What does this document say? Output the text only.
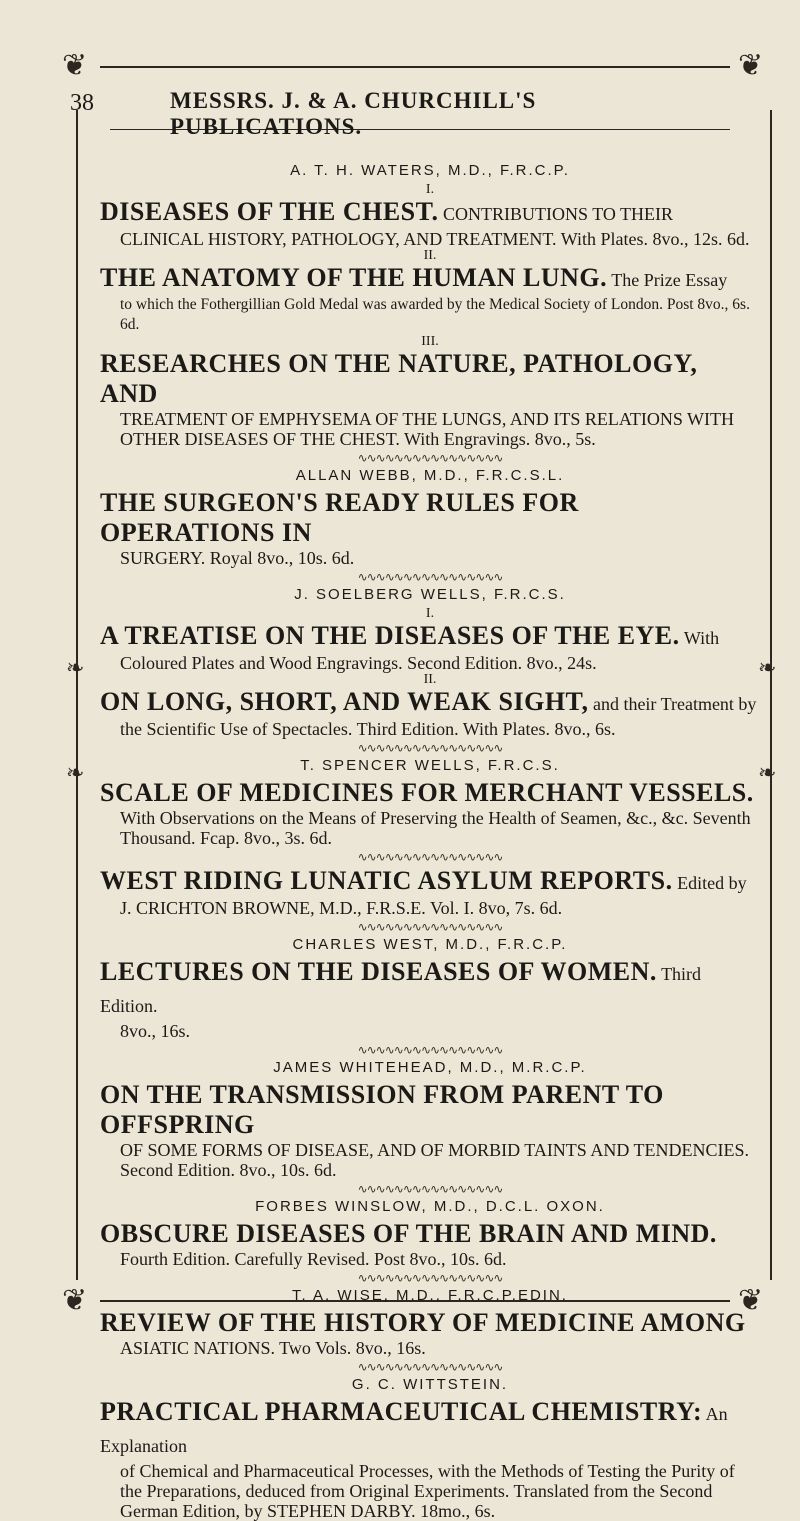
❦	❦
❦	❦
❧
❧
❧
❧
38	MESSRS. J. & A. CHURCHILL'S PUBLICATIONS.

A. T. H. WATERS, M.D., F.R.C.P.

I.

DISEASES OF THE CHEST. CONTRIBUTIONS TO THEIR

CLINICAL HISTORY, PATHOLOGY, AND TREATMENT. With Plates. 8vo., 12s. 6d.

II.

THE ANATOMY OF THE HUMAN LUNG. The Prize Essay

to which the Fothergillian Gold Medal was awarded by the Medical Society of London. Post 8vo., 6s. 6d.

III.

RESEARCHES ON THE NATURE, PATHOLOGY, AND

TREATMENT OF EMPHYSEMA OF THE LUNGS, AND ITS RELATIONS WITH OTHER DISEASES OF THE CHEST. With Engravings. 8vo., 5s.

∿∿∿∿∿∿∿∿∿∿∿∿∿∿∿∿

ALLAN WEBB, M.D., F.R.C.S.L.

THE SURGEON'S READY RULES FOR OPERATIONS IN

SURGERY. Royal 8vo., 10s. 6d.

∿∿∿∿∿∿∿∿∿∿∿∿∿∿∿∿

J. SOELBERG WELLS, F.R.C.S.

I.

A TREATISE ON THE DISEASES OF THE EYE. With

Coloured Plates and Wood Engravings. Second Edition. 8vo., 24s.

II.

ON LONG, SHORT, AND WEAK SIGHT, and their Treatment by

the Scientific Use of Spectacles. Third Edition. With Plates. 8vo., 6s.

∿∿∿∿∿∿∿∿∿∿∿∿∿∿∿∿

T. SPENCER WELLS, F.R.C.S.

SCALE OF MEDICINES FOR MERCHANT VESSELS.

With Observations on the Means of Preserving the Health of Seamen, &c., &c. Seventh Thousand. Fcap. 8vo., 3s. 6d.

∿∿∿∿∿∿∿∿∿∿∿∿∿∿∿∿

WEST RIDING LUNATIC ASYLUM REPORTS. Edited by

J. CRICHTON BROWNE, M.D., F.R.S.E. Vol. I. 8vo, 7s. 6d.

∿∿∿∿∿∿∿∿∿∿∿∿∿∿∿∿

CHARLES WEST, M.D., F.R.C.P.

LECTURES ON THE DISEASES OF WOMEN. Third Edition.

8vo., 16s.

∿∿∿∿∿∿∿∿∿∿∿∿∿∿∿∿

JAMES WHITEHEAD, M.D., M.R.C.P.

ON THE TRANSMISSION FROM PARENT TO OFFSPRING

OF SOME FORMS OF DISEASE, AND OF MORBID TAINTS AND TENDENCIES. Second Edition. 8vo., 10s. 6d.

∿∿∿∿∿∿∿∿∿∿∿∿∿∿∿∿

FORBES WINSLOW, M.D., D.C.L. OXON.

OBSCURE DISEASES OF THE BRAIN AND MIND.

Fourth Edition. Carefully Revised. Post 8vo., 10s. 6d.

∿∿∿∿∿∿∿∿∿∿∿∿∿∿∿∿

T. A. WISE, M.D., F.R.C.P.EDIN.

REVIEW OF THE HISTORY OF MEDICINE AMONG

ASIATIC NATIONS. Two Vols. 8vo., 16s.

∿∿∿∿∿∿∿∿∿∿∿∿∿∿∿∿

G. C. WITTSTEIN.

PRACTICAL PHARMACEUTICAL CHEMISTRY: An Explanation

of Chemical and Pharmaceutical Processes, with the Methods of Testing the Purity of the Preparations, deduced from Original Experiments. Translated from the Second German Edition, by STEPHEN DARBY. 18mo., 6s.
